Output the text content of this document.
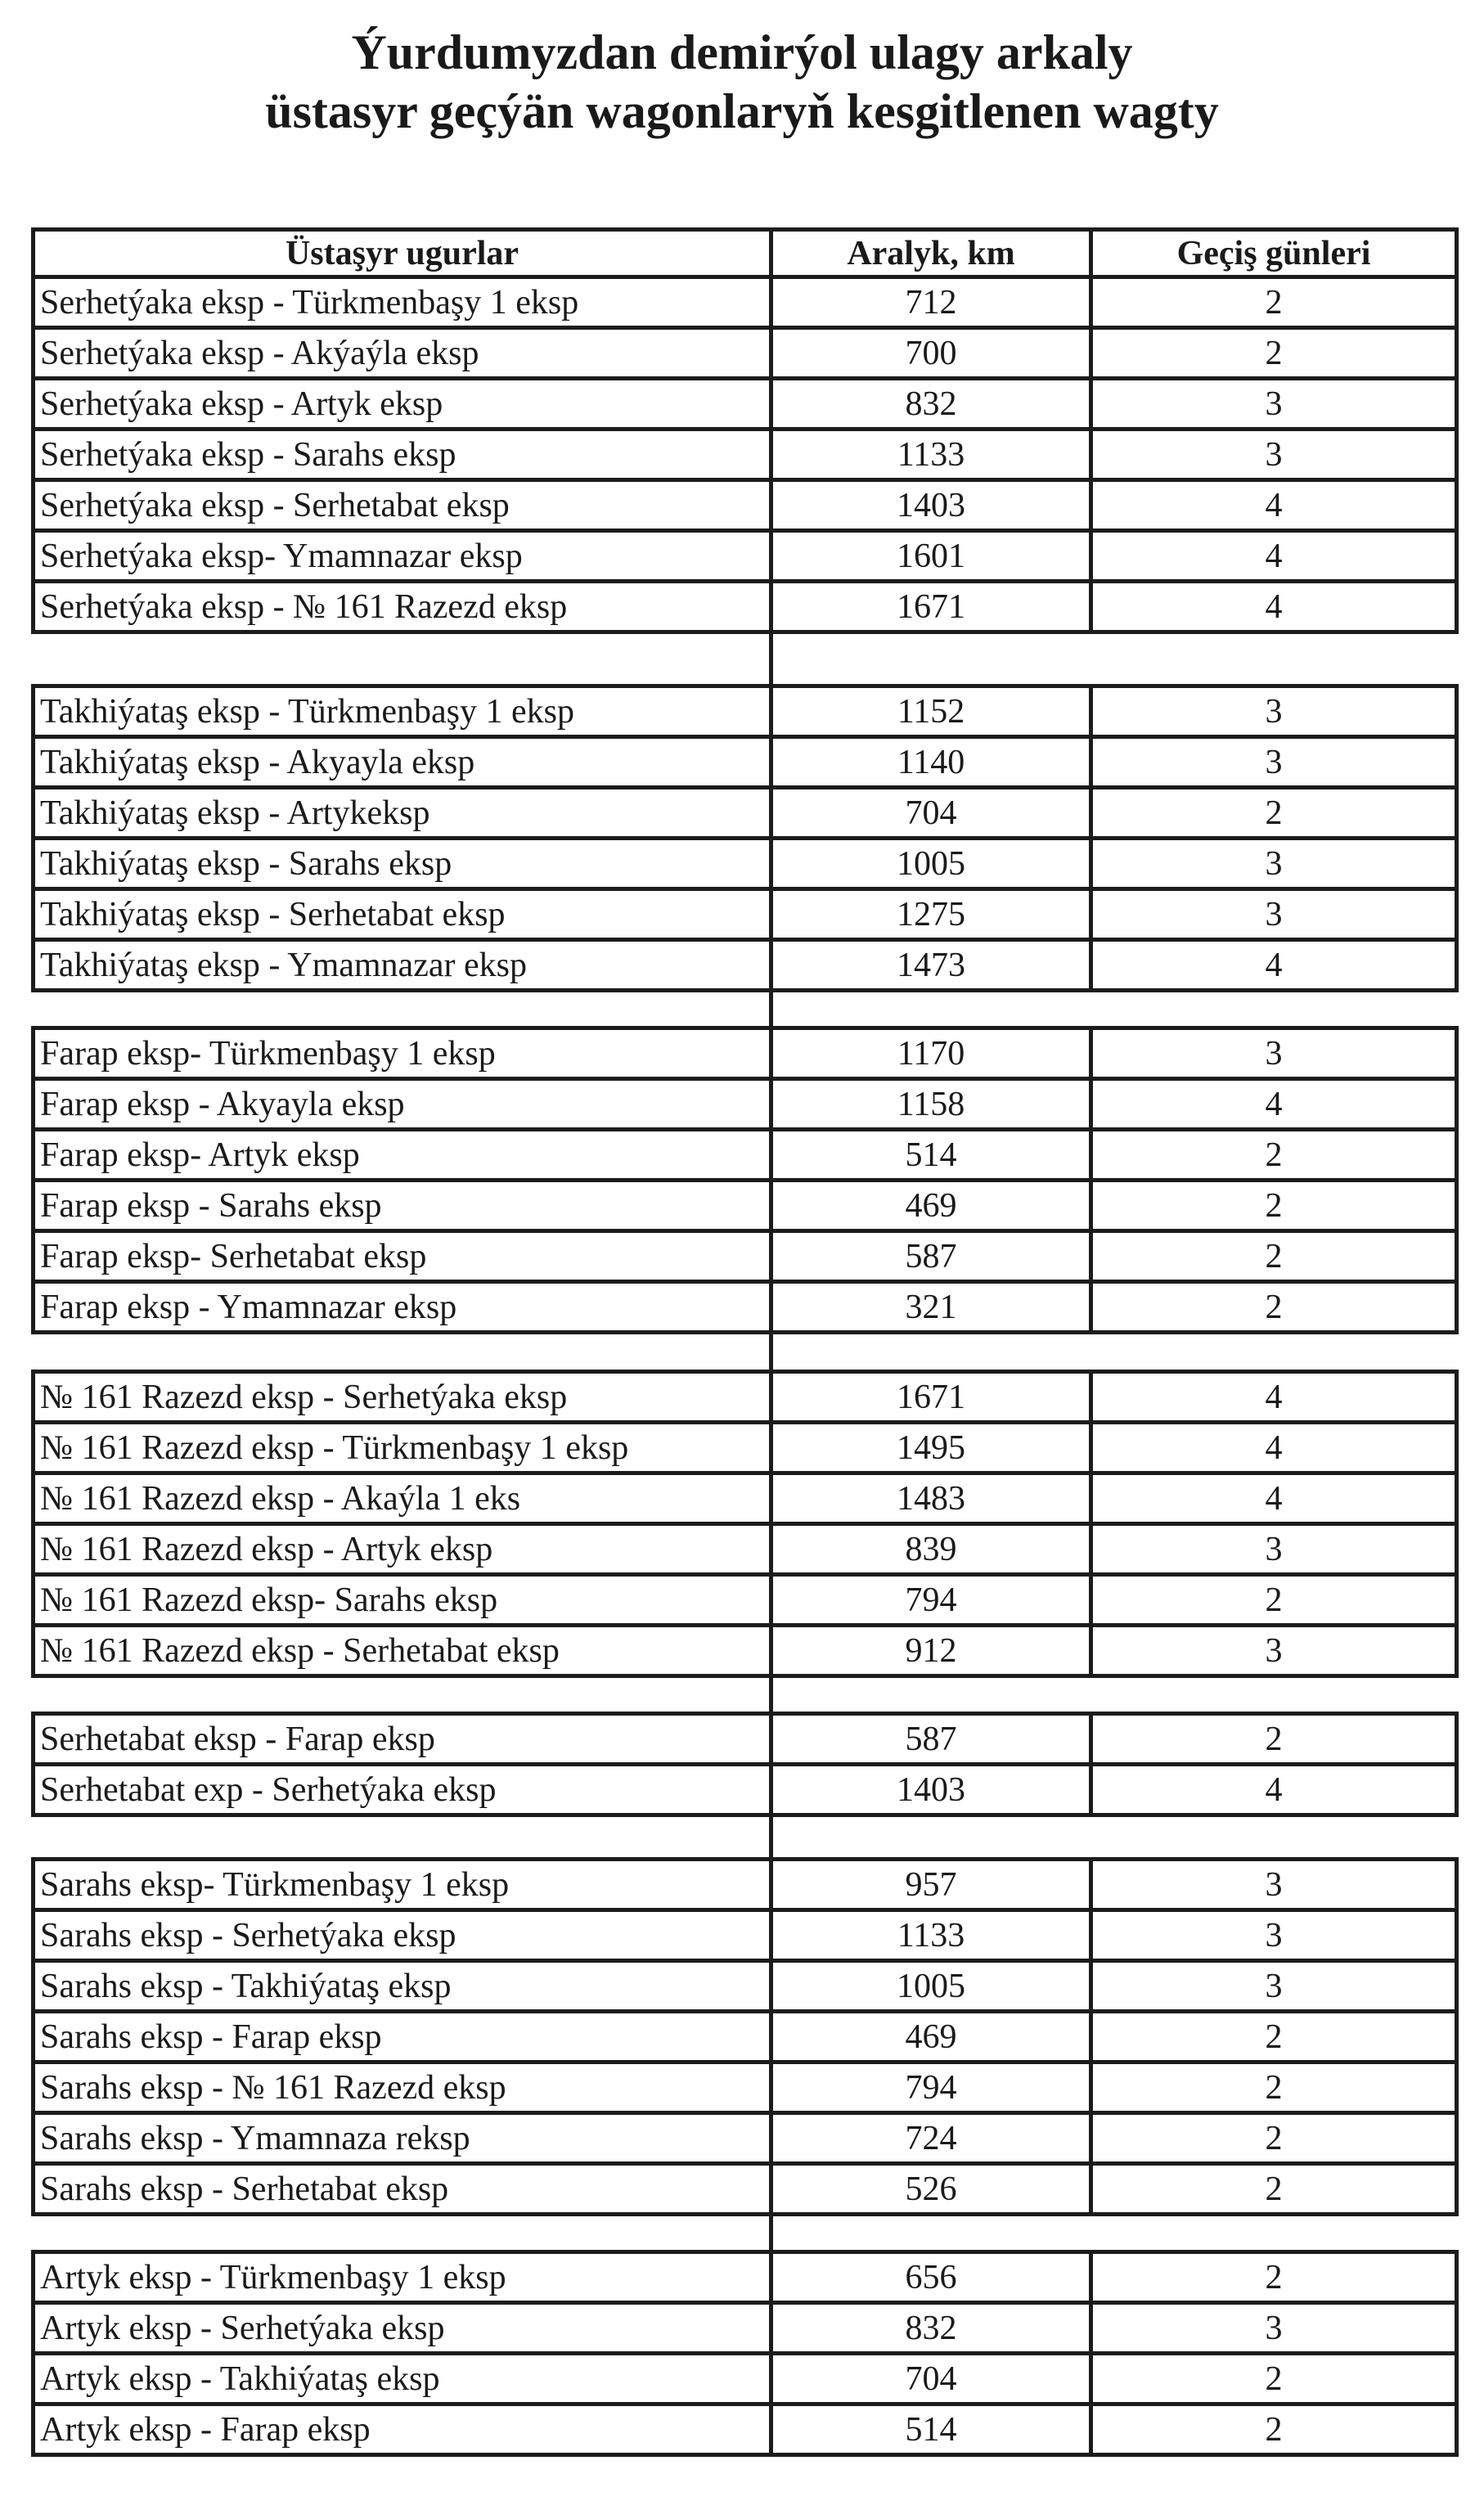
Ýurdumyzdan demirýol ulagy arkaly
üstasyr geçýän wagonlaryň kesgitlenen wagty
Üstaşyr ugurlar	Aralyk, km	Geçiş günleri
Serhetýaka eksp - Türkmenbaşy 1 eksp	712	2
Serhetýaka eksp - Akýaýla eksp	700	2
Serhetýaka eksp - Artyk eksp	832	3
Serhetýaka eksp - Sarahs eksp	1133	3
Serhetýaka eksp - Serhetabat eksp	1403	4
Serhetýaka eksp- Ymamnazar eksp	1601	4
Serhetýaka eksp - № 161 Razezd eksp	1671	4
Takhiýataş eksp - Türkmenbaşy 1 eksp	1152	3
Takhiýataş eksp - Akyayla eksp	1140	3
Takhiýataş eksp - Artykeksp	704	2
Takhiýataş eksp - Sarahs eksp	1005	3
Takhiýataş eksp - Serhetabat eksp	1275	3
Takhiýataş eksp - Ymamnazar eksp	1473	4
Farap eksp- Türkmenbaşy 1 eksp	1170	3
Farap eksp - Akyayla eksp	1158	4
Farap eksp- Artyk eksp	514	2
Farap eksp - Sarahs eksp	469	2
Farap eksp- Serhetabat eksp	587	2
Farap eksp - Ymamnazar eksp	321	2
№ 161 Razezd eksp - Serhetýaka eksp	1671	4
№ 161 Razezd eksp - Türkmenbaşy 1 eksp	1495	4
№ 161 Razezd eksp - Akaýla 1 eks	1483	4
№ 161 Razezd eksp - Artyk eksp	839	3
№ 161 Razezd eksp- Sarahs eksp	794	2
№ 161 Razezd eksp - Serhetabat eksp	912	3
Serhetabat eksp - Farap eksp	587	2
Serhetabat exp - Serhetýaka eksp	1403	4
Sarahs eksp- Türkmenbaşy 1 eksp	957	3
Sarahs eksp - Serhetýaka eksp	1133	3
Sarahs eksp - Takhiýataş eksp	1005	3
Sarahs eksp - Farap eksp	469	2
Sarahs eksp - № 161 Razezd eksp	794	2
Sarahs eksp - Ymamnaza reksp	724	2
Sarahs eksp - Serhetabat eksp	526	2
Artyk eksp - Türkmenbaşy 1 eksp	656	2
Artyk eksp - Serhetýaka eksp	832	3
Artyk eksp - Takhiýataş eksp	704	2
Artyk eksp - Farap eksp	514	2
